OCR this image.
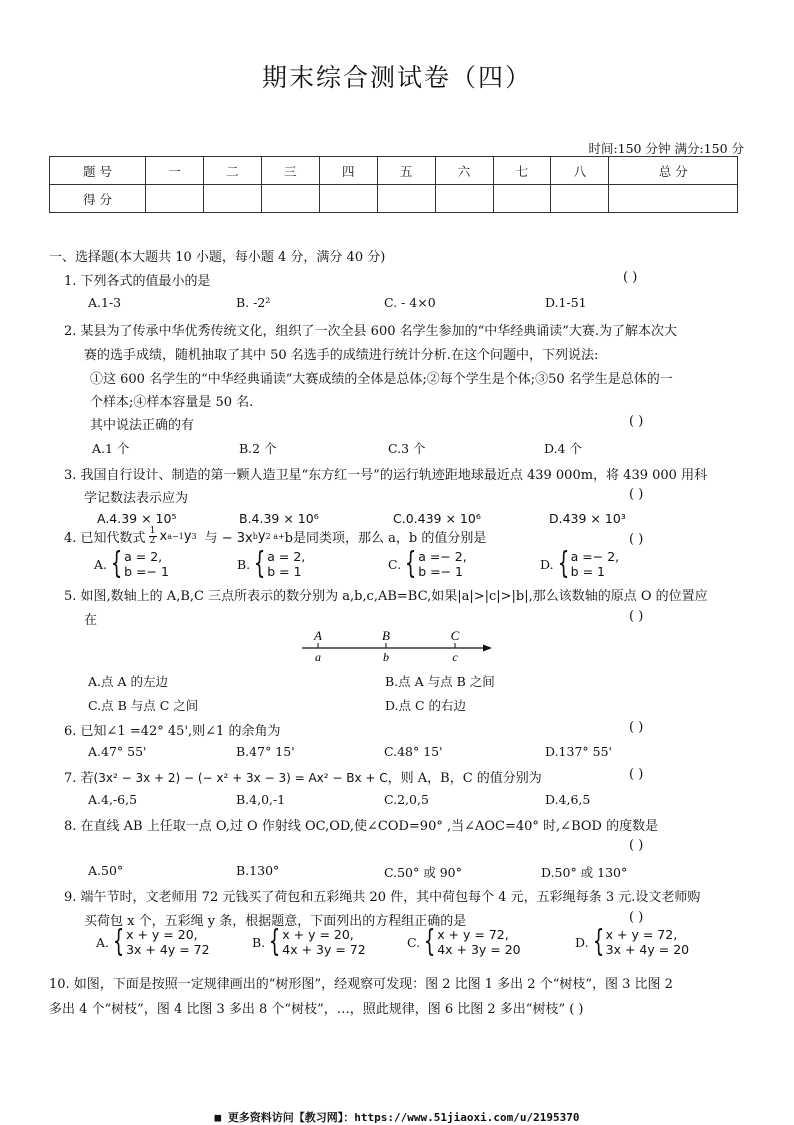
期末综合测试卷（四）
时间:150 分钟 满分:150 分
题 号	一	二	三	四	五	六	七	八	总 分
得 分									
一、选择题(本大题共 10 小题，每小题 4 分，满分 40 分)
1. 下列各式的值最小的是	( )
A.1-3	B. -2²	C. - 4×0	D.1-51
2. 某县为了传承中华优秀传统文化，组织了一次全县 600 名学生参加的“中华经典诵读”大赛.为了解本次大
赛的选手成绩，随机抽取了其中 50 名选手的成绩进行统计分析.在这个问题中，下列说法:
①这 600 名学生的“中华经典诵读”大赛成绩的全体是总体;②每个学生是个体;③50 名学生是总体的一
个样本;④样本容量是 50 名.
其中说法正确的有	( )
A.1 个	B.2 个	C.3 个	D.4 个
3. 我国自行设计、制造的第一颗人造卫星“东方红一号”的运行轨迹距地球最近点 439 000m，将 439 000 用科
学记数法表示应为	( )
A.4.39 × 10⁵	B.4.39 × 10⁶	C.0.439 × 10⁶	D.439 × 10³
4. 已知代数式 $\frac{1}{2}$ x a−1 y 3 与 − 3x b y 2 a+ b是同类项，那么 a，b 的值分别是	( )
A. { a = 2,
b =− 1	B. { a = 2,
b = 1	C. { a =− 2,
b =− 1	D. { a =− 2,
b = 1
5. 如图,数轴上的 A,B,C 三点所表示的数分别为 a,b,c,AB=BC,如果|a|>|c|>|b|,那么该数轴的原点 O 的位置应
在	( )
A	B	C
a	b	c
A.点 A 的左边	B.点 A 与点 B 之间
C.点 B 与点 C 之间	D.点 C 的右边
6. 已知∠1 =42° 45',则∠1 的余角为	( )
A.47° 55'	B.47° 15'	C.48° 15'	D.137° 55'
7. 若(3x² − 3x + 2) − (− x² + 3x − 3) = Ax² − Bx + C，则 A，B，C 的值分别为	( )
A.4,-6,5	B.4,0,-1	C.2,0,5	D.4,6,5
8. 在直线 AB 上任取一点 O,过 O 作射线 OC,OD,使∠COD=90° ,当∠AOC=40° 时,∠BOD 的度数是
( )
A.50°	B.130°	C.50° 或 90°	D.50° 或 130°
9. 端午节时，文老师用 72 元钱买了荷包和五彩绳共 20 件，其中荷包每个 4 元，五彩绳每条 3 元.设文老师购
买荷包 x 个，五彩绳 y 条，根据题意，下面列出的方程组正确的是	( )
A. { x + y = 20,
3x + 4y = 72	B. { x + y = 20,
4x + 3y = 72	C. { x + y = 72,
4x + 3y = 20	D. { x + y = 72,
3x + 4y = 20
10. 如图，下面是按照一定规律画出的“树形图”，经观察可发现：图 2 比图 1 多出 2 个“树枝”，图 3 比图 2
多出 4 个“树枝”，图 4 比图 3 多出 8 个“树枝”，…，照此规律，图 6 比图 2 多出“树枝” ( )
■ 更多资料访问【教习网】：https://www.51jiaoxi.com/u/2195370
